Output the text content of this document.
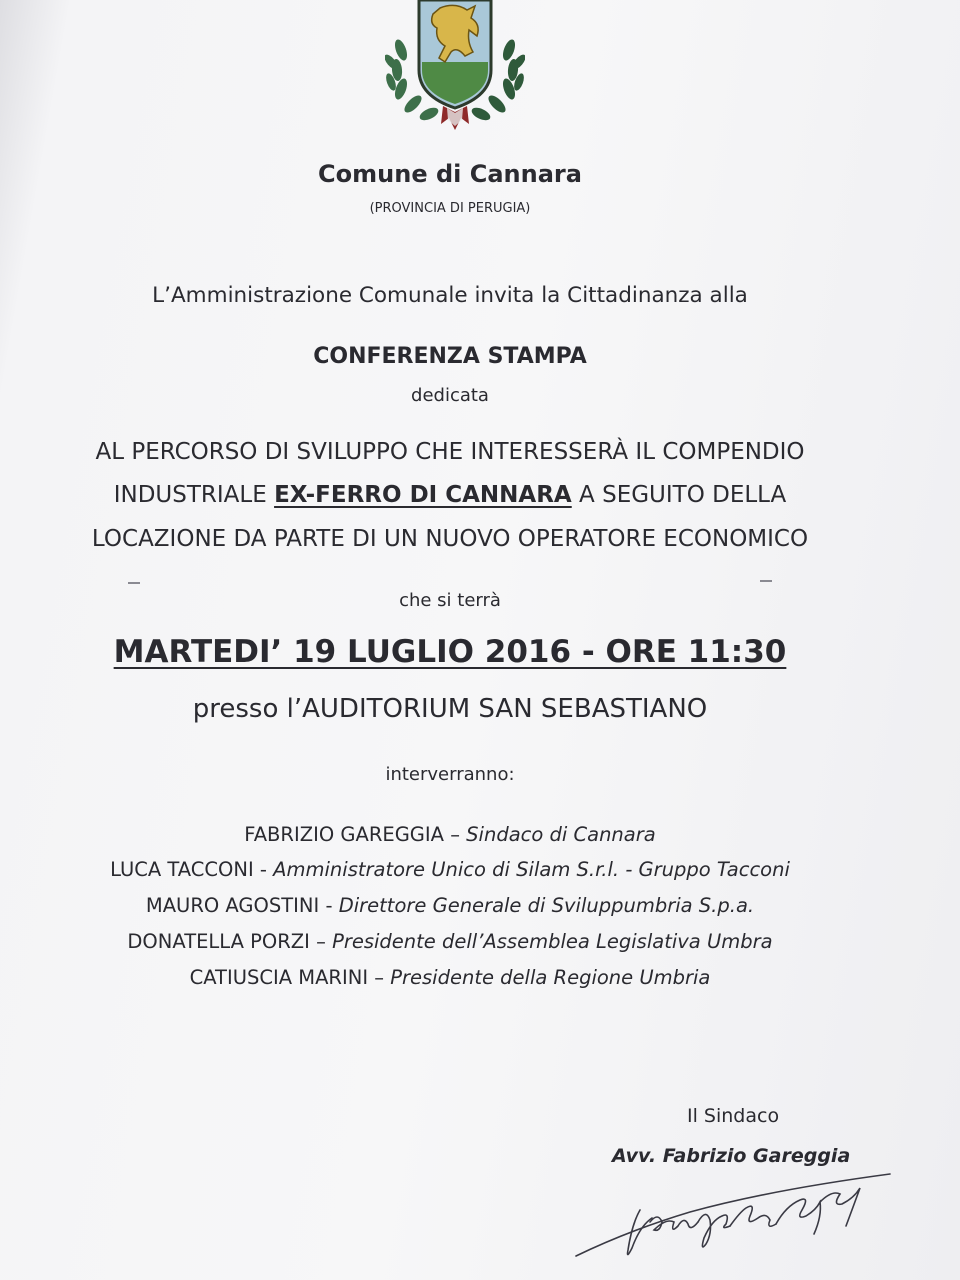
Comune di Cannara
(PROVINCIA DI PERUGIA)
L’Amministrazione Comunale invita la Cittadinanza alla
CONFERENZA STAMPA
dedicata
AL PERCORSO DI SVILUPPO CHE INTERESSERÀ IL COMPENDIO
INDUSTRIALE EX-FERRO DI CANNARA A SEGUITO DELLA
LOCAZIONE DA PARTE DI UN NUOVO OPERATORE ECONOMICO
che si terrà
MARTEDI’ 19 LUGLIO 2016 - ORE 11:30
presso l’AUDITORIUM SAN SEBASTIANO
interverranno:
FABRIZIO GAREGGIA – Sindaco di Cannara
LUCA TACCONI - Amministratore Unico di Silam S.r.l. - Gruppo Tacconi
MAURO AGOSTINI - Direttore Generale di Sviluppumbria S.p.a.
DONATELLA PORZI – Presidente dell’Assemblea Legislativa Umbra
CATIUSCIA MARINI – Presidente della Regione Umbria
Il Sindaco
Avv. Fabrizio Gareggia
